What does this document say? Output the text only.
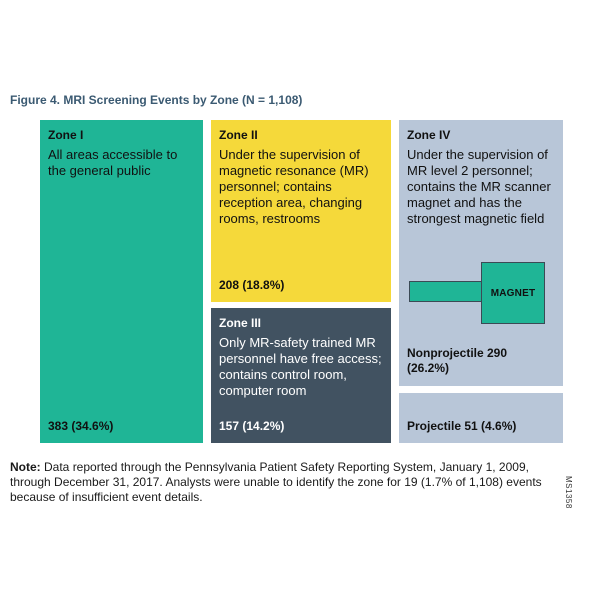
Figure 4. MRI Screening Events by Zone (N = 1,108)
Zone I
All areas accessible to the general public
383 (34.6%)
Zone II
Under the supervision of magnetic resonance (MR) personnel; contains reception area, changing rooms, restrooms
208 (18.8%)
Zone III
Only MR-safety trained MR personnel have free access; contains control room, computer room
157 (14.2%)
Zone IV
Under the supervision of MR level 2 personnel; contains the MR scanner magnet and has the strongest magnetic field
MAGNET
Nonprojectile 290 (26.2%)
Projectile 51 (4.6%)
Note: Data reported through the Pennsylvania Patient Safety Reporting System, January 1, 2009, through December 31, 2017. Analysts were unable to identify the zone for 19 (1.7% of 1,108) events because of insufficient event details.	MS1358
